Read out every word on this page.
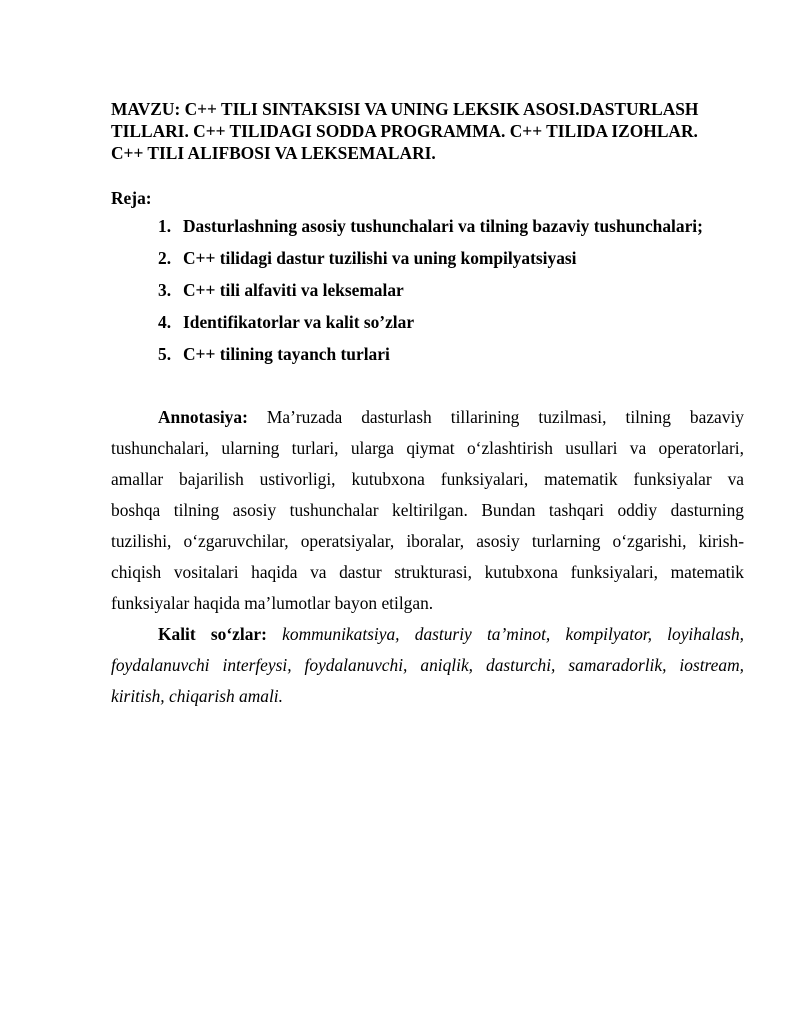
MAVZU: C++ TILI SINTAKSISI VA UNING LEKSIK ASOSI.DASTURLASH
TILLARI. C++ TILIDAGI SODDA PROGRAMMA. C++ TILIDA IZOHLAR.
C++ TILI ALIFBOSI VA LEKSEMALARI.
Reja:
1. Dasturlashning asosiy tushunchalari va tilning bazaviy tushunchalari;
2. C++ tilidagi dastur tuzilishi va uning kompilyatsiyasi
3. C++ tili alfaviti va leksemalar
4. Identifikatorlar va kalit so’zlar
5. C++ tilining tayanch turlari
Annotasiya: Ma’ruzada dasturlash tillarining tuzilmasi, tilning bazaviy
tushunchalari, ularning turlari, ularga qiymat o‘zlashtirish usullari va operatorlari,
amallar bajarilish ustivorligi, kutubxona funksiyalari, matematik funksiyalar va
boshqa tilning asosiy tushunchalar keltirilgan. Bundan tashqari oddiy dasturning
tuzilishi, o‘zgaruvchilar, operatsiyalar, iboralar, asosiy turlarning o‘zgarishi, kirish-
chiqish vositalari haqida va dastur strukturasi, kutubxona funksiyalari, matematik
funksiyalar haqida ma’lumotlar bayon etilgan.
Kalit so‘zlar: kommunikatsiya, dasturiy ta’minot, kompilyator, loyihalash,
foydalanuvchi interfeysi, foydalanuvchi, aniqlik, dasturchi, samaradorlik, iostream,
kiritish, chiqarish amali.
